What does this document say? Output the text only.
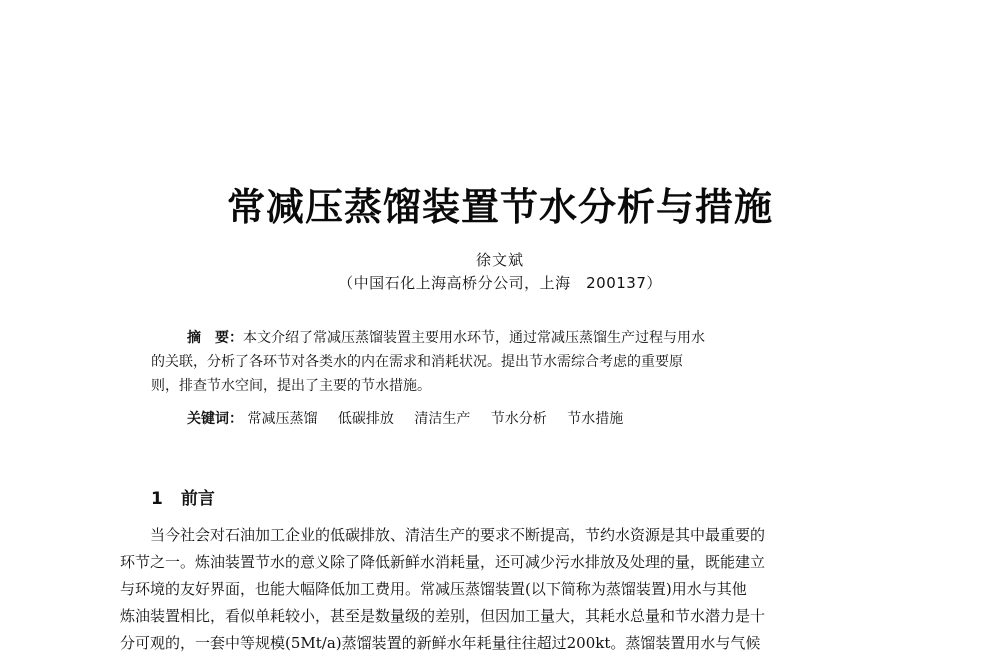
常减压蒸馏装置节水分析与措施
徐文斌
（中国石化上海高桥分公司，上海　200137）
摘　要：本文介绍了常减压蒸馏装置主要用水环节，通过常减压蒸馏生产过程与用水
的关联，分析了各环节对各类水的内在需求和消耗状况。提出节水需综合考虑的重要原
则，排查节水空间，提出了主要的节水措施。
关键词： 常减压蒸馏 低碳排放 清洁生产 节水分析 节水措施
1 前言
当今社会对石油加工企业的低碳排放、清洁生产的要求不断提高，节约水资源是其中最重要的
环节之一。炼油装置节水的意义除了降低新鲜水消耗量，还可减少污水排放及处理的量，既能建立
与环境的友好界面，也能大幅降低加工费用。常减压蒸馏装置(以下简称为蒸馏装置)用水与其他
炼油装置相比，看似单耗较小，甚至是数量级的差别，但因加工量大，其耗水总量和节水潜力是十
分可观的，一套中等规模(5Mt/a)蒸馏装置的新鲜水年耗量往往超过200kt。蒸馏装置用水与气候
